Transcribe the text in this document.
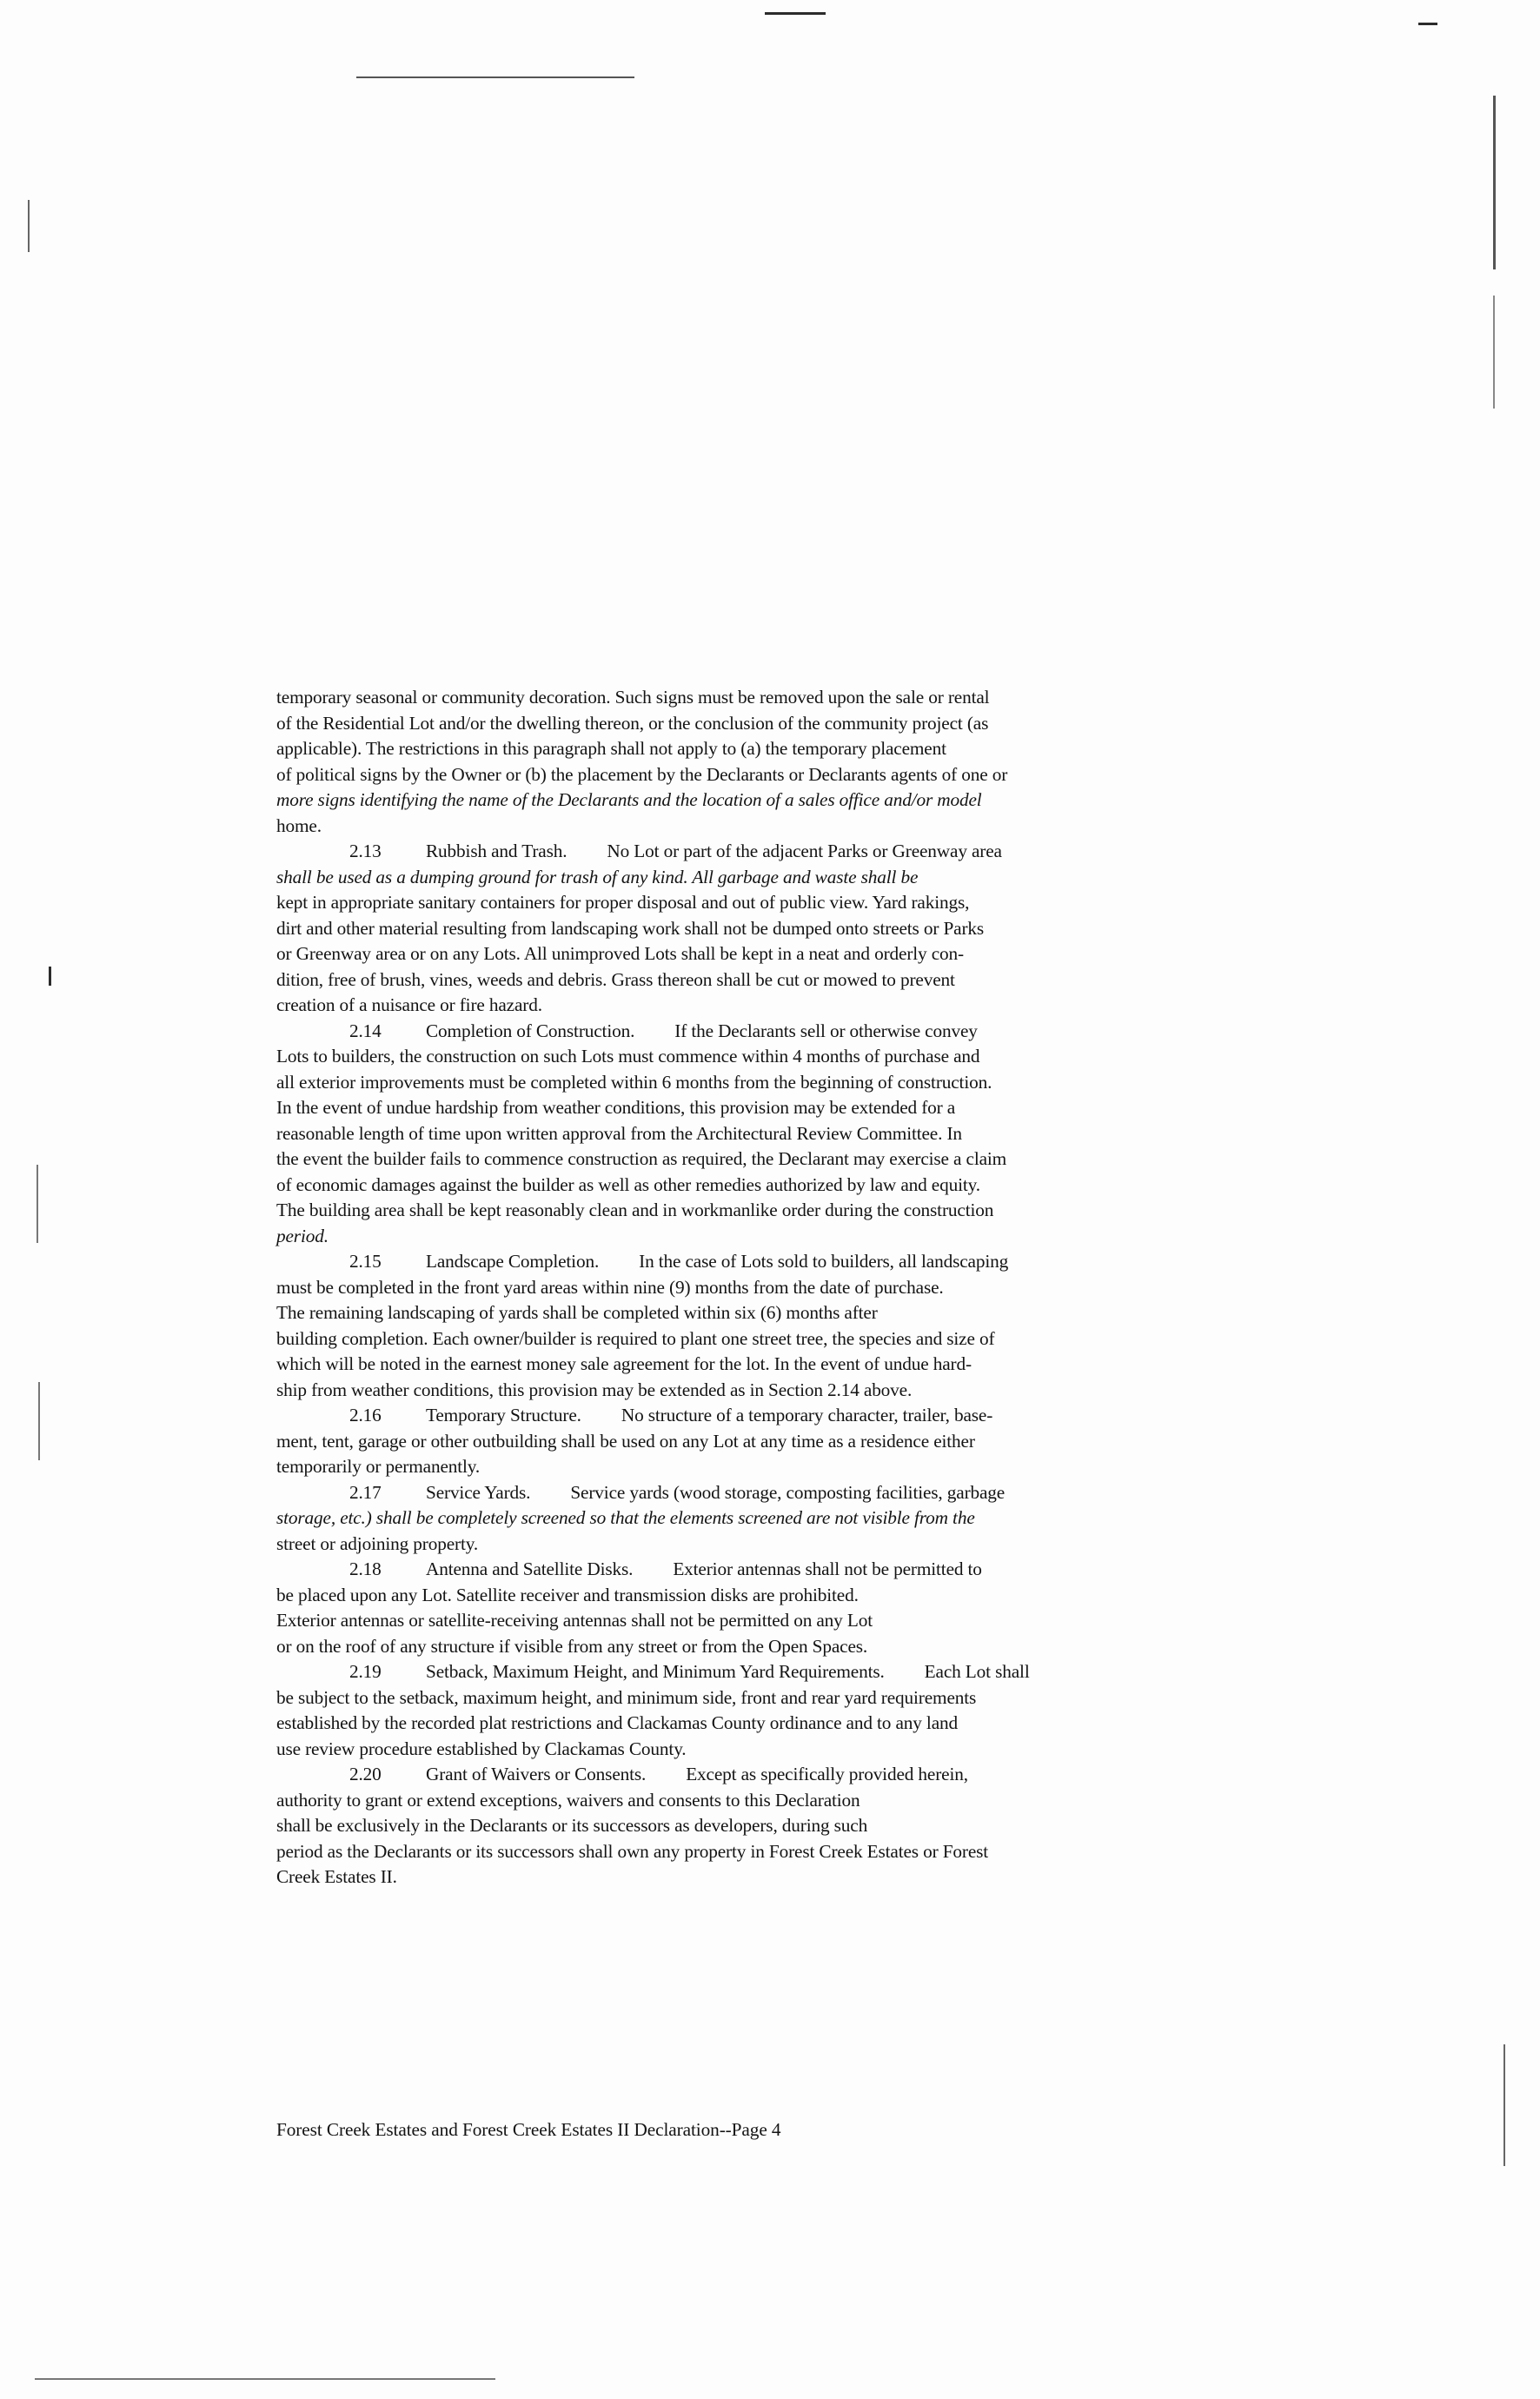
temporary seasonal or community decoration. Such signs must be removed upon the sale or rental
of the Residential Lot and/or the dwelling thereon, or the conclusion of the community project (as
applicable). The restrictions in this paragraph shall not apply to (a) the temporary placement
of political signs by the Owner or (b) the placement by the Declarants or Declarants agents of one or
more signs identifying the name of the Declarants and the location of a sales office and/or model
home.
2.13 Rubbish and Trash. No Lot or part of the adjacent Parks or Greenway area
shall be used as a dumping ground for trash of any kind. All garbage and waste shall be
kept in appropriate sanitary containers for proper disposal and out of public view. Yard rakings,
dirt and other material resulting from landscaping work shall not be dumped onto streets or Parks
or Greenway area or on any Lots. All unimproved Lots shall be kept in a neat and orderly con-
dition, free of brush, vines, weeds and debris. Grass thereon shall be cut or mowed to prevent
creation of a nuisance or fire hazard.
2.14 Completion of Construction. If the Declarants sell or otherwise convey
Lots to builders, the construction on such Lots must commence within 4 months of purchase and
all exterior improvements must be completed within 6 months from the beginning of construction.
In the event of undue hardship from weather conditions, this provision may be extended for a
reasonable length of time upon written approval from the Architectural Review Committee. In
the event the builder fails to commence construction as required, the Declarant may exercise a claim
of economic damages against the builder as well as other remedies authorized by law and equity.
The building area shall be kept reasonably clean and in workmanlike order during the construction
period.
2.15 Landscape Completion. In the case of Lots sold to builders, all landscaping
must be completed in the front yard areas within nine (9) months from the date of purchase.
The remaining landscaping of yards shall be completed within six (6) months after
building completion. Each owner/builder is required to plant one street tree, the species and size of
which will be noted in the earnest money sale agreement for the lot. In the event of undue hard-
ship from weather conditions, this provision may be extended as in Section 2.14 above.
2.16 Temporary Structure. No structure of a temporary character, trailer, base-
ment, tent, garage or other outbuilding shall be used on any Lot at any time as a residence either
temporarily or permanently.
2.17 Service Yards. Service yards (wood storage, composting facilities, garbage
storage, etc.) shall be completely screened so that the elements screened are not visible from the
street or adjoining property.
2.18 Antenna and Satellite Disks. Exterior antennas shall not be permitted to
be placed upon any Lot. Satellite receiver and transmission disks are prohibited.
Exterior antennas or satellite-receiving antennas shall not be permitted on any Lot
or on the roof of any structure if visible from any street or from the Open Spaces.
2.19 Setback, Maximum Height, and Minimum Yard Requirements. Each Lot shall
be subject to the setback, maximum height, and minimum side, front and rear yard requirements
established by the recorded plat restrictions and Clackamas County ordinance and to any land
use review procedure established by Clackamas County.
2.20 Grant of Waivers or Consents. Except as specifically provided herein,
authority to grant or extend exceptions, waivers and consents to this Declaration
shall be exclusively in the Declarants or its successors as developers, during such
period as the Declarants or its successors shall own any property in Forest Creek Estates or Forest
Creek Estates II.
Forest Creek Estates and Forest Creek Estates II Declaration--Page 4
